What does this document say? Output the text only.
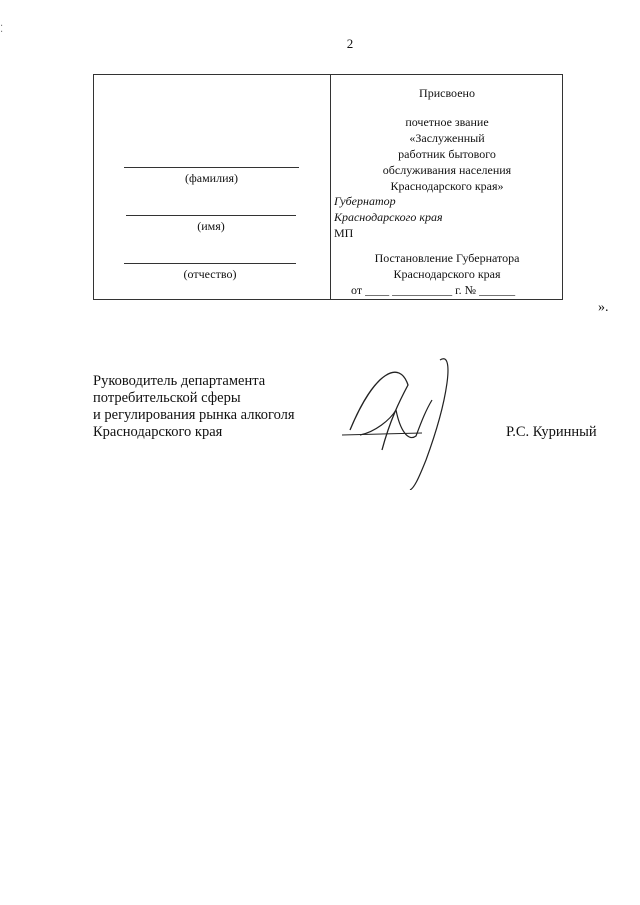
⁚
2
(фамилия)
(имя)
(отчество)
Присвоено
почетное звание
«Заслуженный
работник бытового
обслуживания населения
Краснодарского края»
Губернатор
Краснодарского края
МП
Постановление Губернатора
Краснодарского края
от ____ __________ г. № ______
».
Руководитель департамента
потребительской сферы
и регулирования рынка алкоголя
Краснодарского края	Р.С. Куринный
